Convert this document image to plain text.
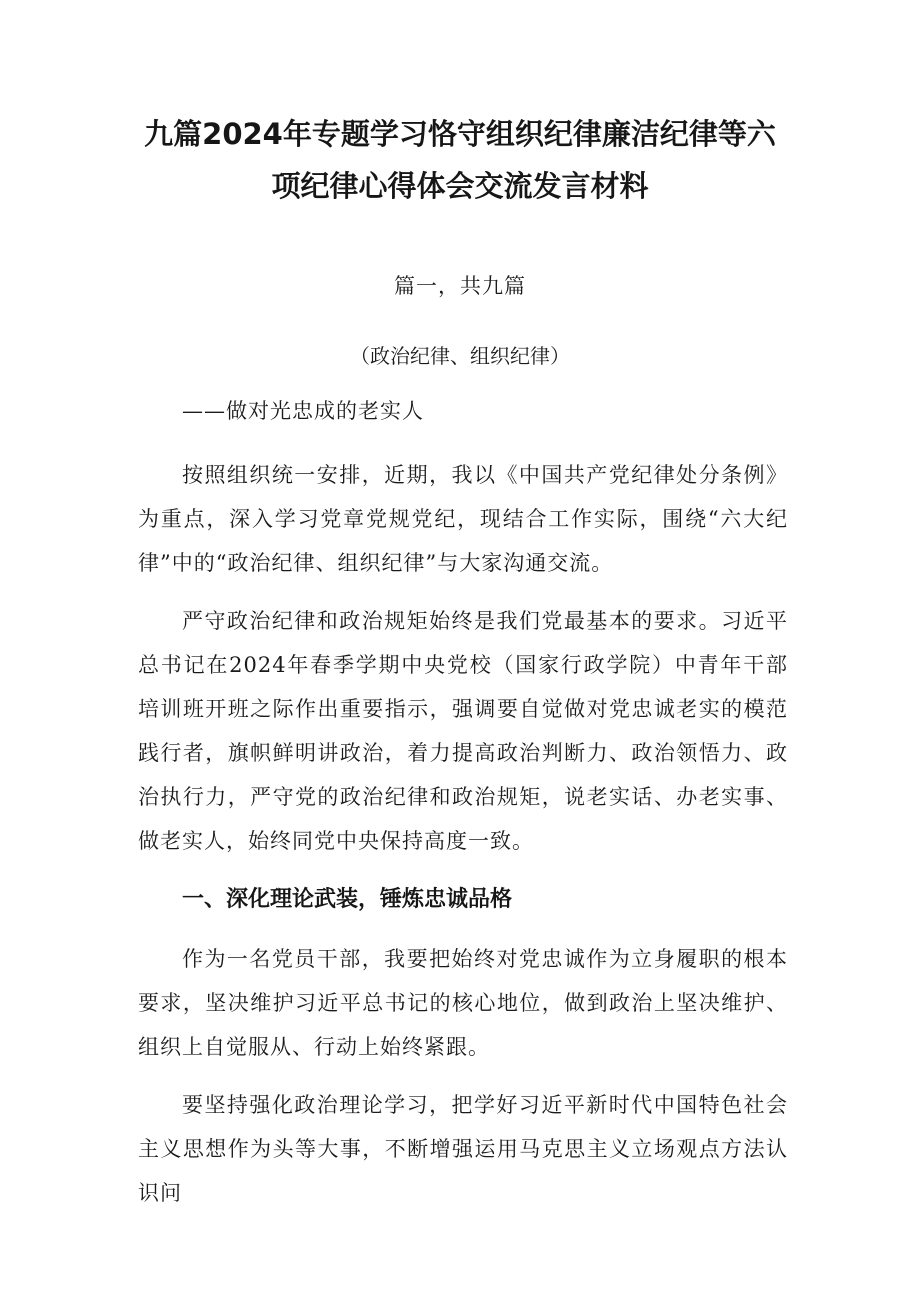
九篇2024年专题学习恪守组织纪律廉洁纪律等六
项纪律心得体会交流发言材料
篇一，共九篇
（政治纪律、组织纪律）
——做对光忠成的老实人

按照组织统一安排，近期，我以《中国共产党纪律处分条例》为重点，深入学习党章党规党纪，现结合工作实际，围绕“六大纪律”中的“政治纪律、组织纪律”与大家沟通交流。

严守政治纪律和政治规矩始终是我们党最基本的要求。习近平总书记在2024年春季学期中央党校（国家行政学院）中青年干部培训班开班之际作出重要指示，强调要自觉做对党忠诚老实的模范践行者，旗帜鲜明讲政治，着力提高政治判断力、政治领悟力、政治执行力，严守党的政治纪律和政治规矩，说老实话、办老实事、做老实人，始终同党中央保持高度一致。

一、深化理论武装，锤炼忠诚品格

作为一名党员干部，我要把始终对党忠诚作为立身履职的根本要求，坚决维护习近平总书记的核心地位，做到政治上坚决维护、组织上自觉服从、行动上始终紧跟。

要坚持强化政治理论学习，把学好习近平新时代中国特色社会主义思想作为头等大事，不断增强运用马克思主义立场观点方法认识问
